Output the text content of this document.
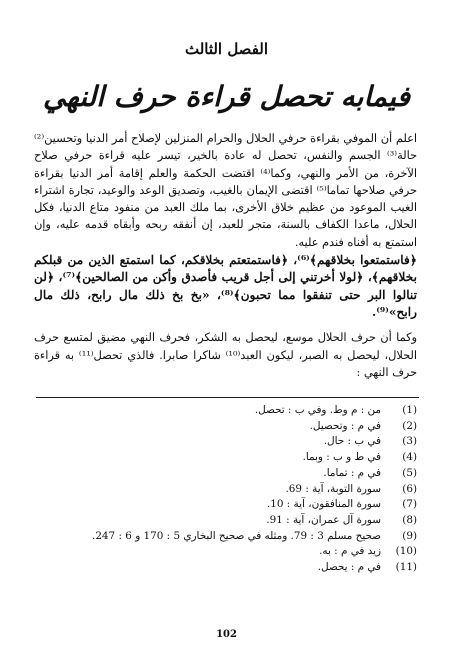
الفصل الثالث
فيمابه تحصل قراءة حرف النهي

اعلم أن الموفي بقراءة حرفي الحلال والحرام المنزلين لإصلاح أمر الدنيا وتحسين⁽²⁾ حالة⁽³⁾ الجسم والنفس، تحصل له عادة بالخير، تيسر عليه قراءة حرفي صلاح الآخرة، من الأمر والنهي، وكما⁽⁴⁾ اقتضت الحكمة والعلم إقامة أمر الدنيا بقراءة حرفي صلاحها تماما⁽⁵⁾ اقتضى الإيمان بالغيب، وتصديق الوعد والوعيد، تجارة اشتراء الغيب الموعود من عظيم خلاق الأخرى، بما ملك العبد من منفود متاع الدنيا، فكل الحلال، ماعدا الكفاف بالسنة، متجر للعبد، إن أنفقه ربحه وأبقاه قدمه عليه، وإن استمتع به أفناه فندم عليه.

﴿فاستمتعوا بخلاقهم﴾⁽⁶⁾، ﴿فاستمتعتم بخلاقكم، كما استمتع الذين من قبلكم بخلاقهم﴾، ﴿لولا أخرتني إلى أجل قريب فأصدق وأكن من الصالحين﴾⁽⁷⁾، ﴿لن تنالوا البر حتى تنفقوا مما تحبون﴾⁽⁸⁾، «بخ بخ ذلك مال رابح، ذلك مال رابح»⁽⁹⁾.

وكما أن حرف الحلال موسع، ليحصل به الشكر، فحرف النهي مضيق لمتسع حرف الحلال، ليحصل به الصبر، ليكون العبد⁽¹⁰⁾ شاكرا صابرا. فالذي تحصل⁽¹¹⁾ به قراءة حرف النهي :

(1)
من : م وط. وفي ب : تحصل.
(2)
في م : وتحصيل.
(3)
في ب : حال.
(4)
في ط و ب : وبما.
(5)
في م : تماما.
(6)
سورة التوبة، آية : 69.
(7)
سورة المنافقون، آية : 10.
(8)
سورة آل عمران، آية : 91.
(9)
صحيح مسلم 3 : 79. ومثله في صحيح البخاري 5 : 170 و 6 : 247.
(10)
زيد في م : به.
(11)
في م : يحصل.
102
